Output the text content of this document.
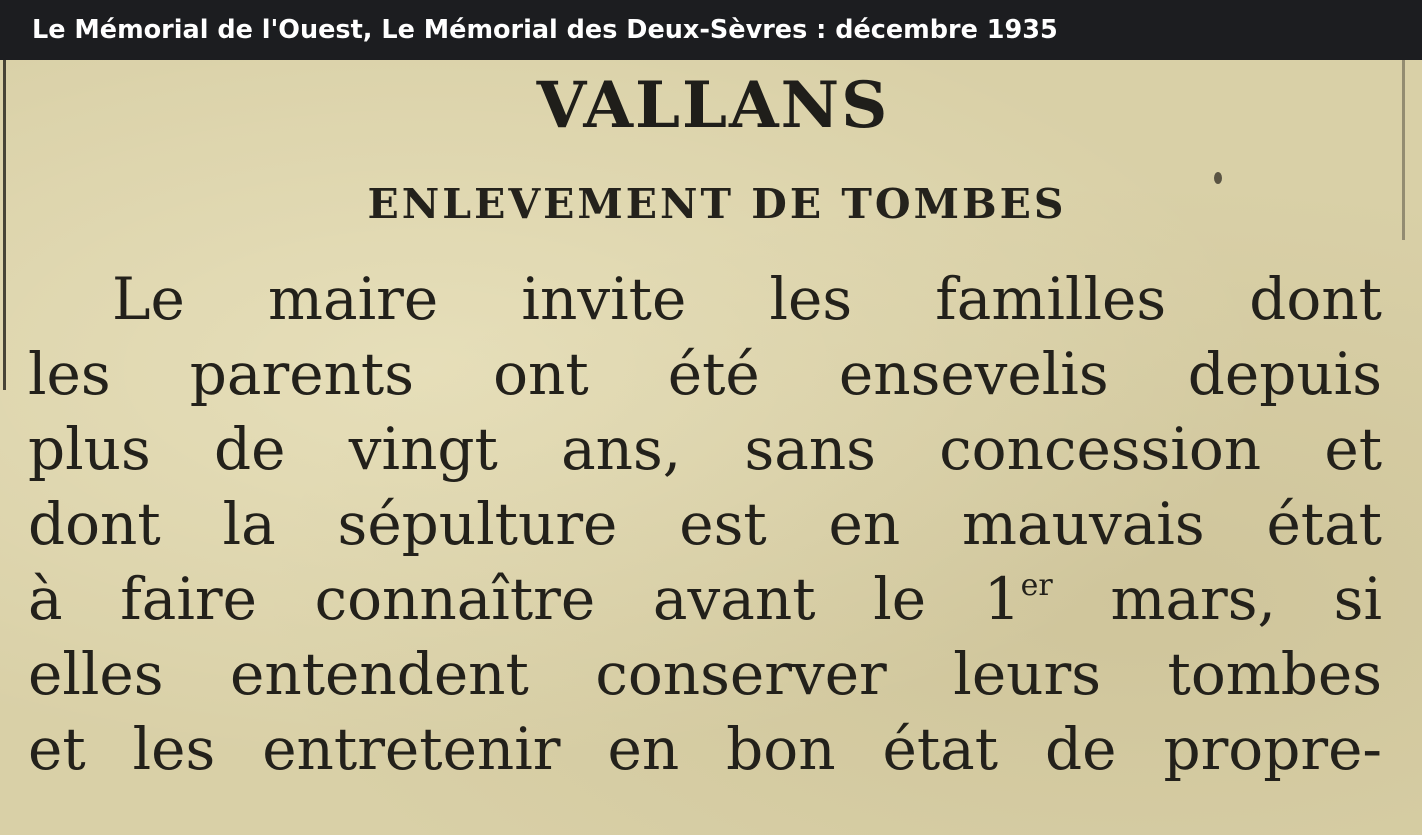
Le Mémorial de l'Ouest, Le Mémorial des Deux-Sèvres : décembre 1935
VALLANS
ENLEVEMENT DE TOMBES
Le maire invite les familles dont
les parents ont été ensevelis depuis
plus de vingt ans, sans concession et
dont la sépulture est en mauvais état
à faire connaître avant le 1er mars, si
elles entendent conserver leurs tombes
et les entretenir en bon état de propre-
